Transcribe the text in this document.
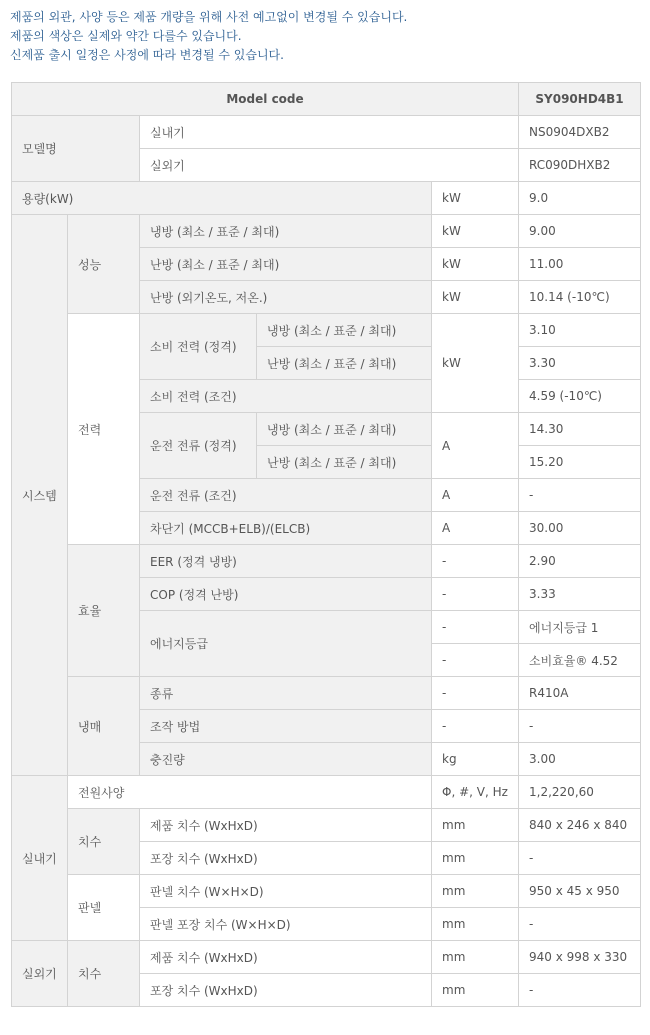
제품의 외관, 사양 등은 제품 개량을 위해 사전 예고없이 변경될 수 있습니다.

제품의 색상은 실제와 약간 다를수 있습니다.

신제품 출시 일정은 사정에 따라 변경될 수 있습니다.

Model code					SY090HD4B1
모델명		실내기			NS0904DXB2
		실외기			RC090DHXB2
용량(kW)				kW	9.0
시스템	성능	냉방 (최소 / 표준 / 최대)		kW	9.00
		난방 (최소 / 표준 / 최대)		kW	11.00
		난방 (외기온도, 저온.)		kW	10.14 (-10℃)
	전력	소비 전력 (정격)	냉방 (최소 / 표준 / 최대)	kW	3.10
			난방 (최소 / 표준 / 최대)		3.30
		소비 전력 (조건)			4.59 (-10℃)
		운전 전류 (정격)	냉방 (최소 / 표준 / 최대)	A	14.30
			난방 (최소 / 표준 / 최대)		15.20
		운전 전류 (조건)		A	-
		차단기 (MCCB+ELB)/(ELCB)		A	30.00
	효율	EER (정격 냉방)		-	2.90
		COP (정격 난방)		-	3.33
		에너지등급		-	에너지등급 1
				-	소비효율® 4.52
	냉매	종류		-	R410A
		조작 방법		-	-
		충진량		kg	3.00
실내기	전원사양			Φ, #, V, Hz	1,2,220,60
	치수	제품 치수 (WxHxD)		mm	840 x 246 x 840
		포장 치수 (WxHxD)		mm	-
	판넬	판넬 치수 (W×H×D)		mm	950 x 45 x 950
		판넬 포장 치수 (W×H×D)		mm	-
실외기	치수	제품 치수 (WxHxD)		mm	940 x 998 x 330
		포장 치수 (WxHxD)		mm	-
